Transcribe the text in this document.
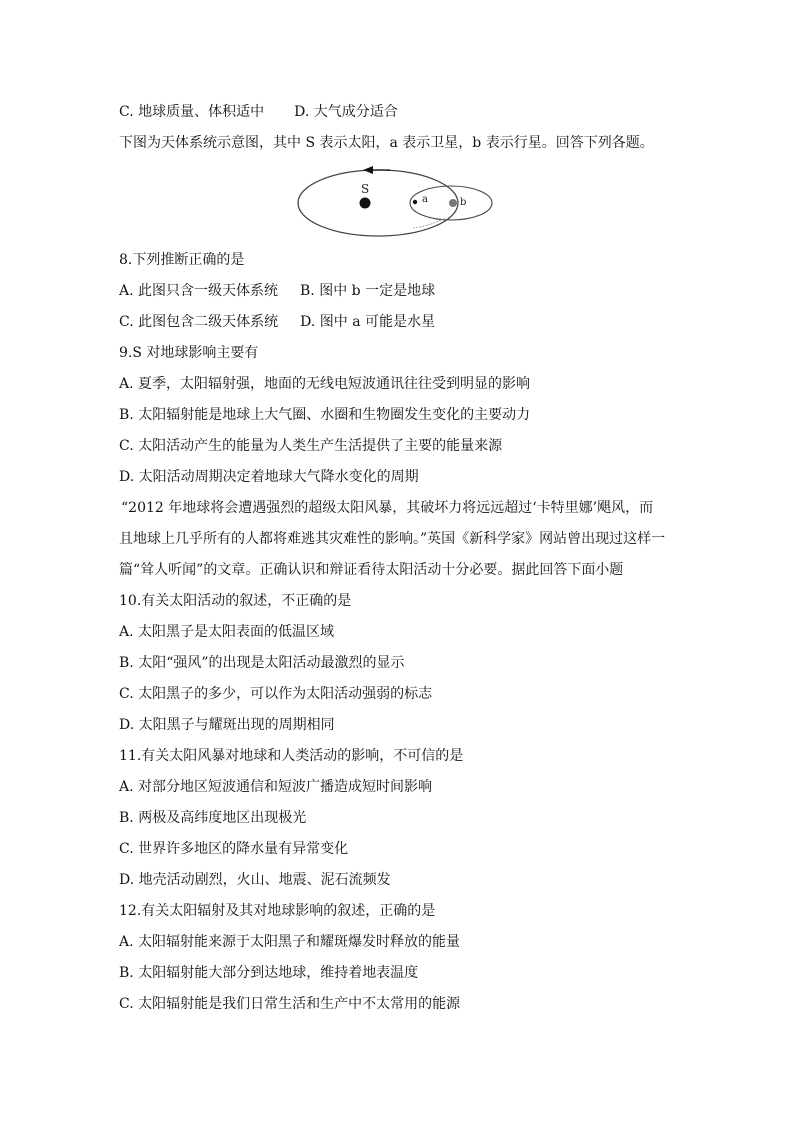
C. 地球质量、体积适中 D. 大气成分适合
下图为天体系统示意图，其中 S 表示太阳，a 表示卫星，b 表示行星。回答下列各题。
S
a	b
8.下列推断正确的是
A. 此图只含一级天体系统 B. 图中 b 一定是地球
C. 此图包含二级天体系统 D. 图中 a 可能是水星
9.S 对地球影响主要有
A. 夏季，太阳辐射强，地面的无线电短波通讯往往受到明显的影响
B. 太阳辐射能是地球上大气圈、水圈和生物圈发生变化的主要动力
C. 太阳活动产生的能量为人类生产生活提供了主要的能量来源
D. 太阳活动周期决定着地球大气降水变化的周期
“2012 年地球将会遭遇强烈的超级太阳风暴，其破坏力将远远超过‘卡特里娜’飓风，而
且地球上几乎所有的人都将难逃其灾难性的影响。”英国《新科学家》网站曾出现过这样一
篇“耸人听闻”的文章。正确认识和辩证看待太阳活动十分必要。据此回答下面小题
10.有关太阳活动的叙述，不正确的是
A. 太阳黑子是太阳表面的低温区域
B. 太阳“强风”的出现是太阳活动最激烈的显示
C. 太阳黑子的多少，可以作为太阳活动强弱的标志
D. 太阳黑子与耀斑出现的周期相同
11.有关太阳风暴对地球和人类活动的影响，不可信的是
A. 对部分地区短波通信和短波广播造成短时间影响
B. 两极及高纬度地区出现极光
C. 世界许多地区的降水量有异常变化
D. 地壳活动剧烈，火山、地震、泥石流频发
12.有关太阳辐射及其对地球影响的叙述，正确的是
A. 太阳辐射能来源于太阳黑子和耀斑爆发时释放的能量
B. 太阳辐射能大部分到达地球，维持着地表温度
C. 太阳辐射能是我们日常生活和生产中不太常用的能源
